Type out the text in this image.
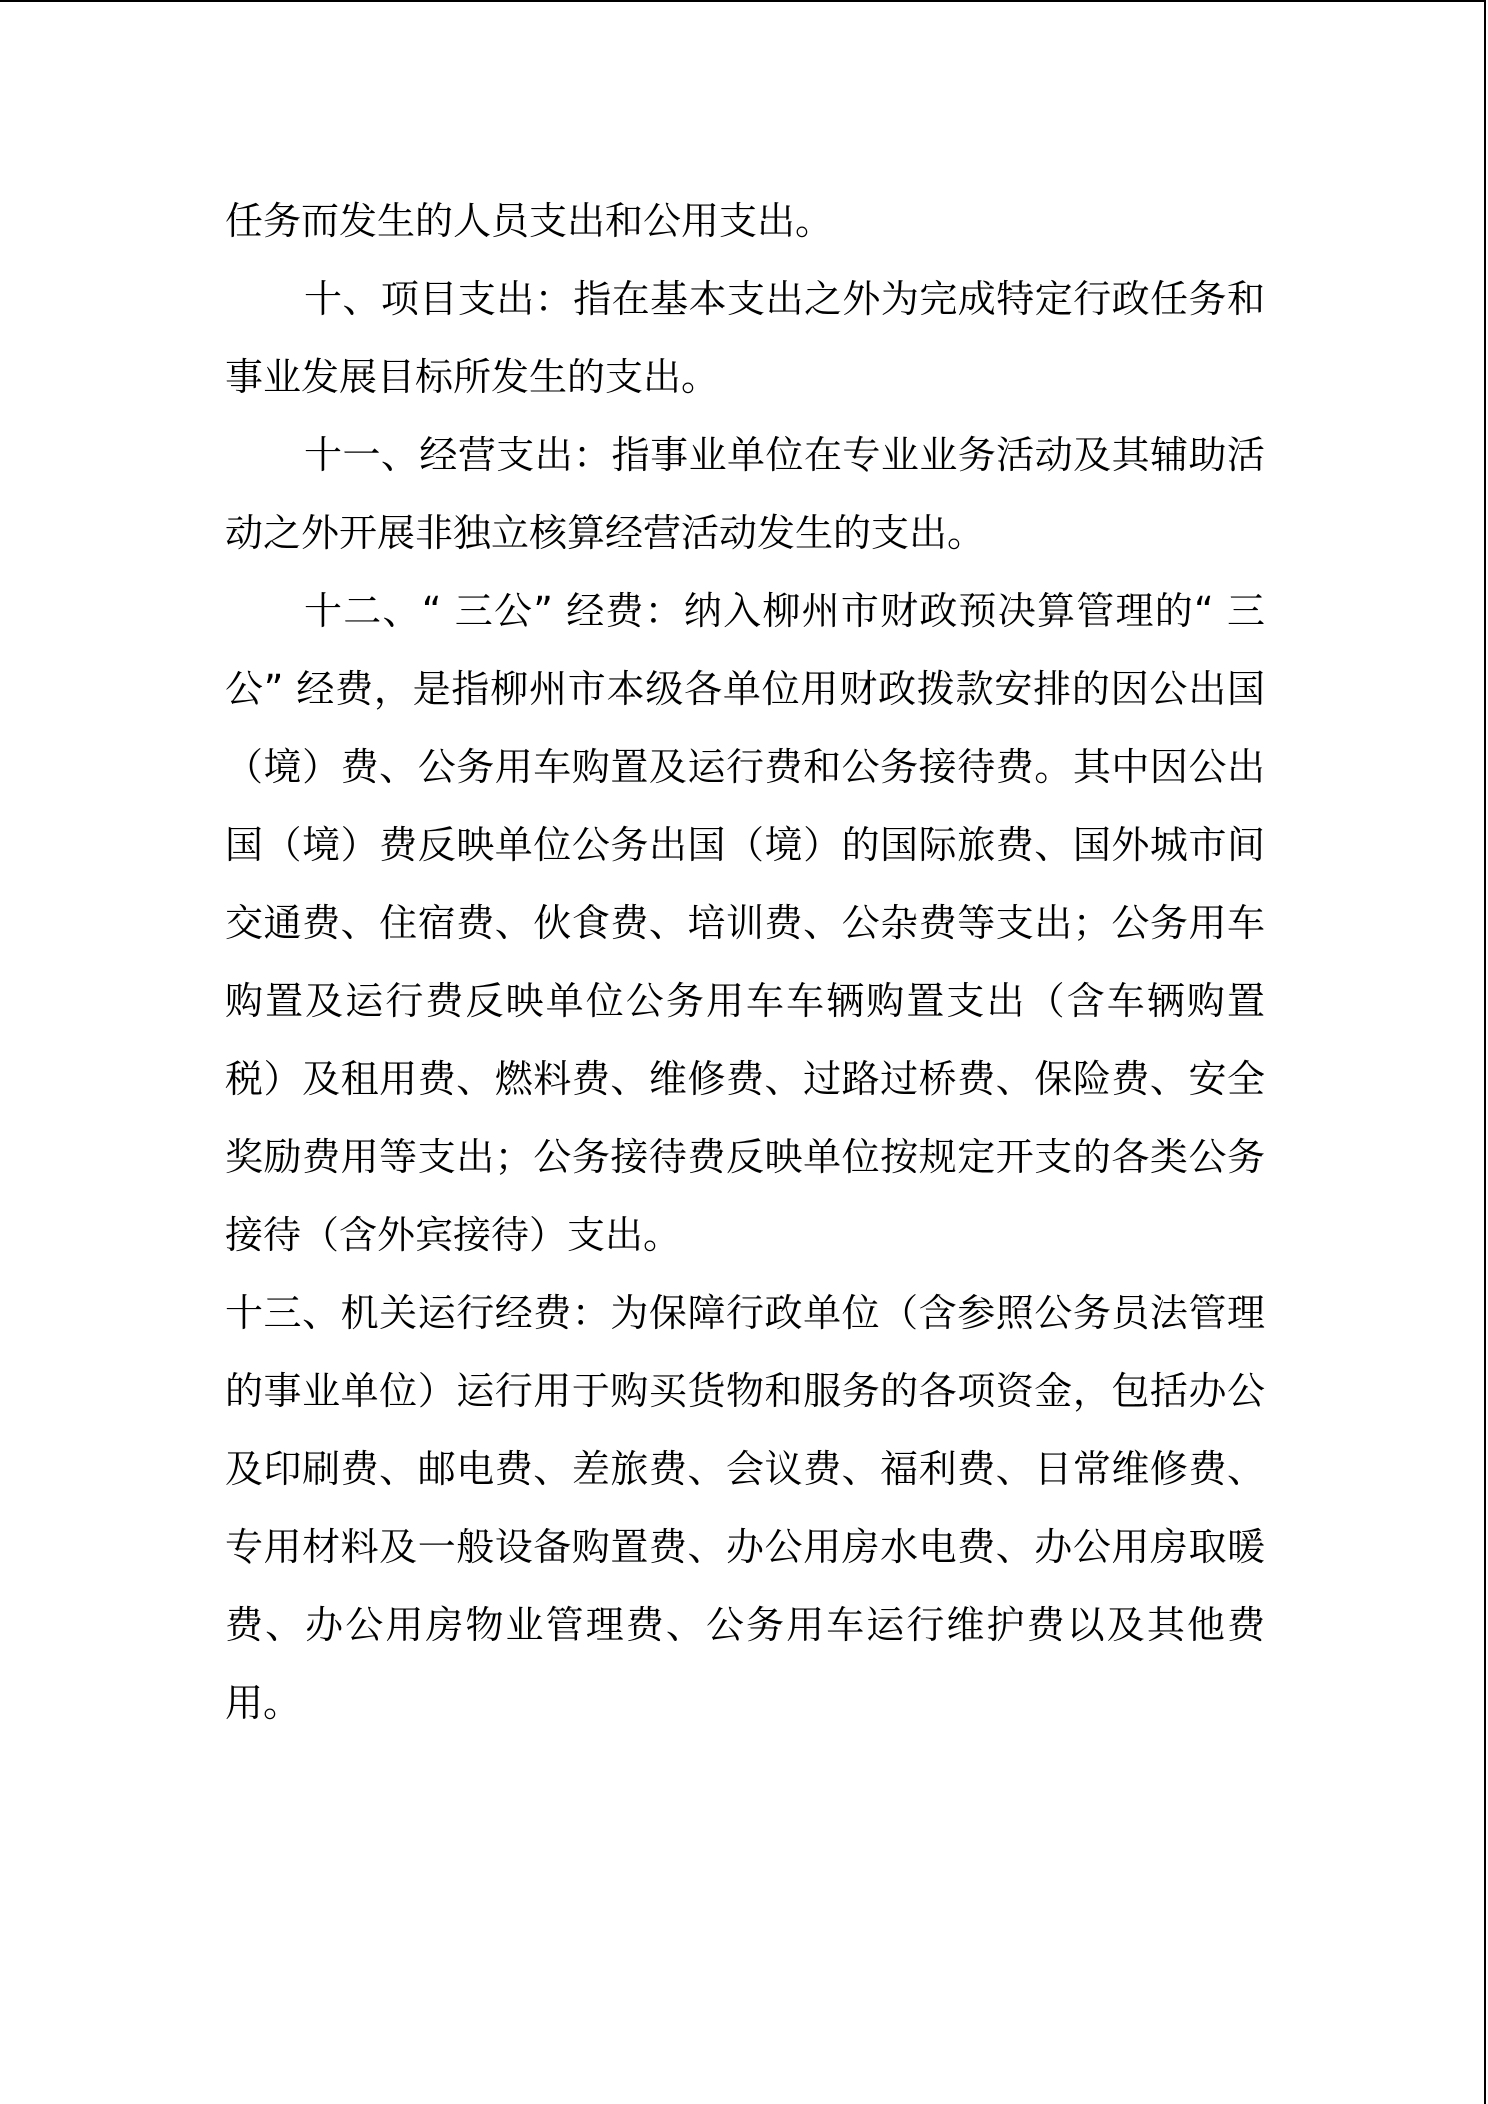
任务而发生的人员支出和公用支出。

十、项目支出：指在基本支出之外为完成特定行政任务和事业发展目标所发生的支出。

十一、经营支出：指事业单位在专业业务活动及其辅助活动之外开展非独立核算经营活动发生的支出。

十二、“ 三公” 经费：纳入柳州市财政预决算管理的“ 三公” 经费，是指柳州市本级各单位用财政拨款安排的因公出国（境）费、公务用车购置及运行费和公务接待费。其中因公出国（境）费反映单位公务出国（境）的国际旅费、国外城市间交通费、住宿费、伙食费、培训费、公杂费等支出；公务用车购置及运行费反映单位公务用车车辆购置支出（含车辆购置税）及租用费、燃料费、维修费、过路过桥费、保险费、安全奖励费用等支出；公务接待费反映单位按规定开支的各类公务接待（含外宾接待）支出。

十三、机关运行经费：为保障行政单位（含参照公务员法管理的事业单位）运行用于购买货物和服务的各项资金，包括办公及印刷费、邮电费、差旅费、会议费、福利费、日常维修费、专用材料及一般设备购置费、办公用房水电费、办公用房取暖费、办公用房物业管理费、公务用车运行维护费以及其他费用。
